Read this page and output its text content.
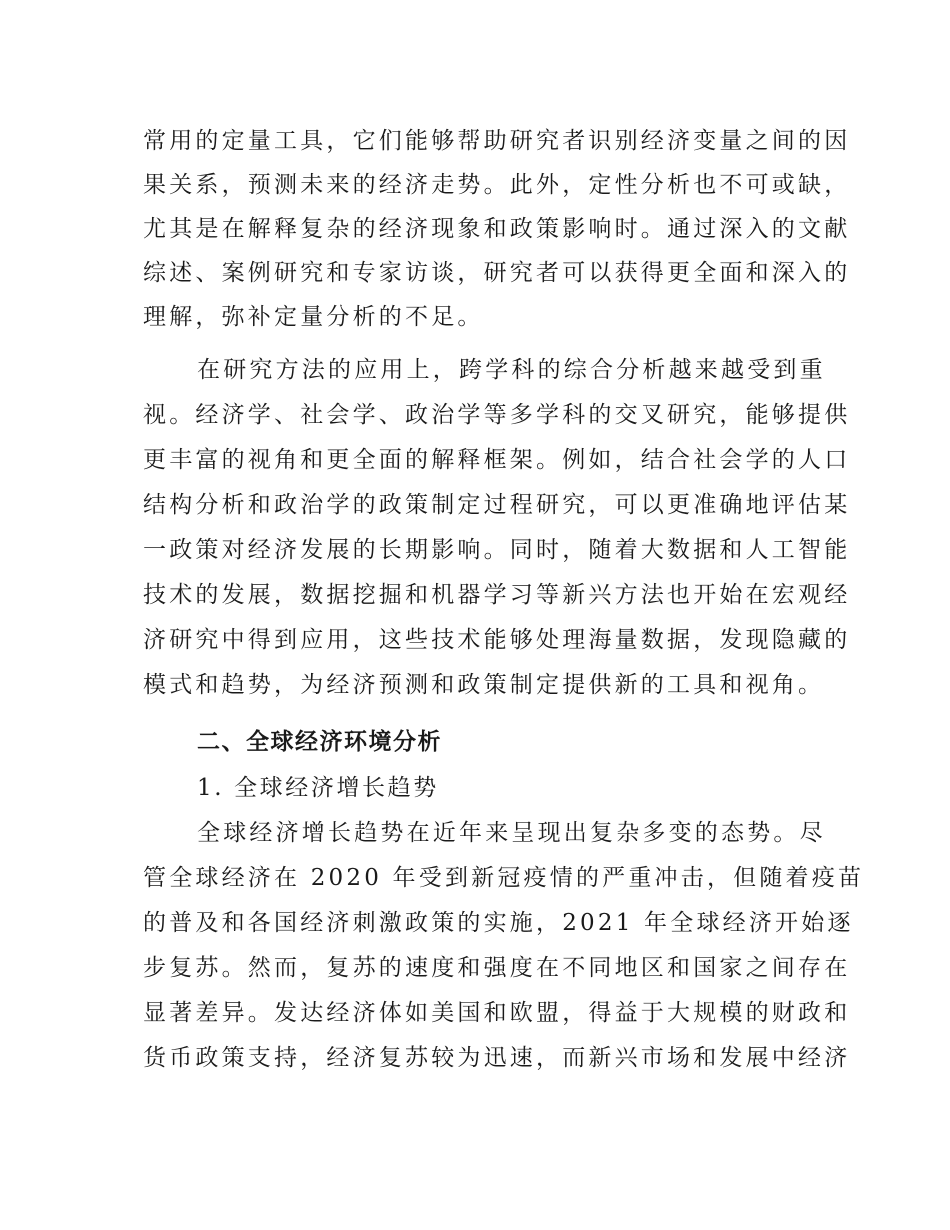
常用的定量工具，它们能够帮助研究者识别经济变量之间的因
果关系，预测未来的经济走势。此外，定性分析也不可或缺，
尤其是在解释复杂的经济现象和政策影响时。通过深入的文献
综述、案例研究和专家访谈，研究者可以获得更全面和深入的
理解，弥补定量分析的不足。
在研究方法的应用上，跨学科的综合分析越来越受到重
视。经济学、社会学、政治学等多学科的交叉研究，能够提供
更丰富的视角和更全面的解释框架。例如，结合社会学的人口
结构分析和政治学的政策制定过程研究，可以更准确地评估某
一政策对经济发展的长期影响。同时，随着大数据和人工智能
技术的发展，数据挖掘和机器学习等新兴方法也开始在宏观经
济研究中得到应用，这些技术能够处理海量数据，发现隐藏的
模式和趋势，为经济预测和政策制定提供新的工具和视角。
二、全球经济环境分析
1. 全球经济增长趋势
全球经济增长趋势在近年来呈现出复杂多变的态势。尽
管全球经济在 2020 年受到新冠疫情的严重冲击，但随着疫苗
的普及和各国经济刺激政策的实施，2021 年全球经济开始逐
步复苏。然而，复苏的速度和强度在不同地区和国家之间存在
显著差异。发达经济体如美国和欧盟，得益于大规模的财政和
货币政策支持，经济复苏较为迅速，而新兴市场和发展中经济
